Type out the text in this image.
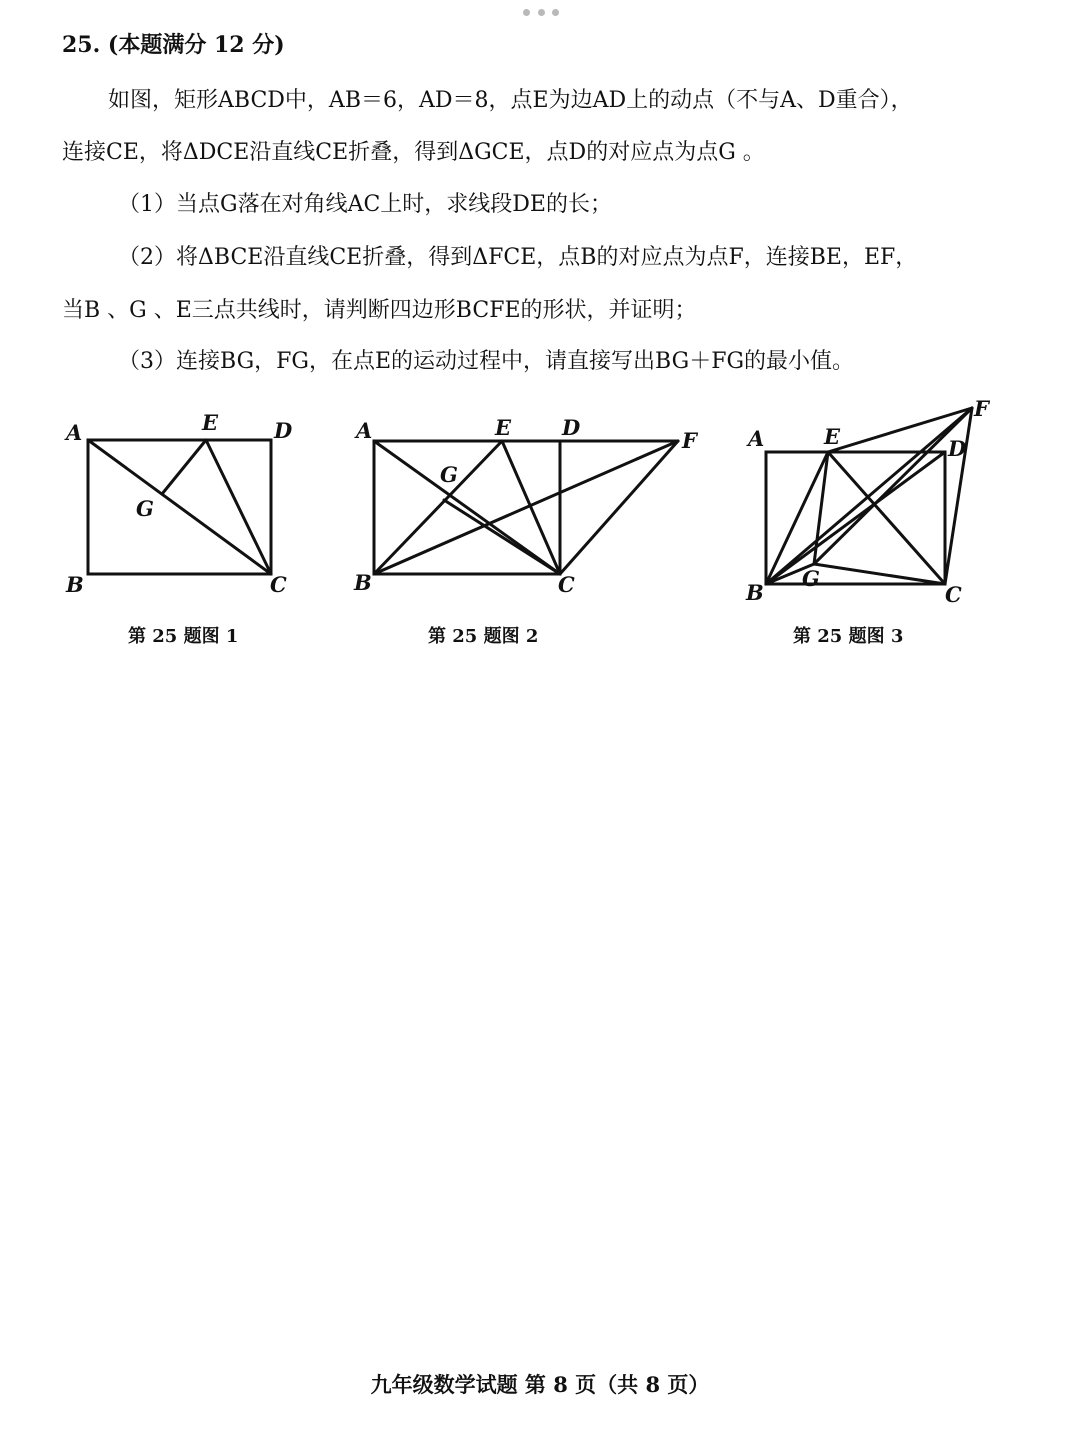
25. (本题满分 12 分)
如图，矩形ABCD中，AB＝6，AD＝8，点E为边AD上的动点（不与A、D重合），
连接CE，将ΔDCE沿直线CE折叠，得到ΔGCE，点D的对应点为点G 。
（1）当点G落在对角线AC上时，求线段DE的长；
（2）将ΔBCE沿直线CE折叠，得到ΔFCE，点B的对应点为点F，连接BE，EF，
当B 、G 、E三点共线时，请判断四边形BCFE的形状，并证明；
（3）连接BG，FG，在点E的运动过程中，请直接写出BG＋FG的最小值。
A	E	D
G
B	C
A	E D
F
G
B	C
A	E	D
F
G
B	C
第 25 题图 1	第 25 题图 2	第 25 题图 3
九年级数学试题 第 8 页（共 8 页）
